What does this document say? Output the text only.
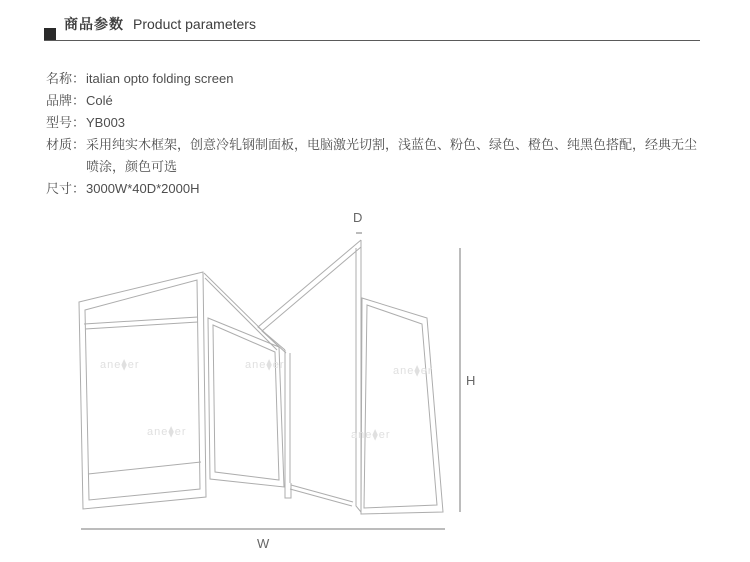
商品参数 Product parameters
名称： italian opto folding screen
品牌： Colé
型号： YB003
材质： 采用纯实木框架，创意冷轧钢制面板，电脑激光切割，浅蓝色、粉色、绿色、橙色、纯黑色搭配，经典无尘喷涂，颜色可选
尺寸： 3000W*40D*2000H
D
H
W
ane⧫er
ane⧫er
ane⧫er
ane⧫er
ane⧫er
